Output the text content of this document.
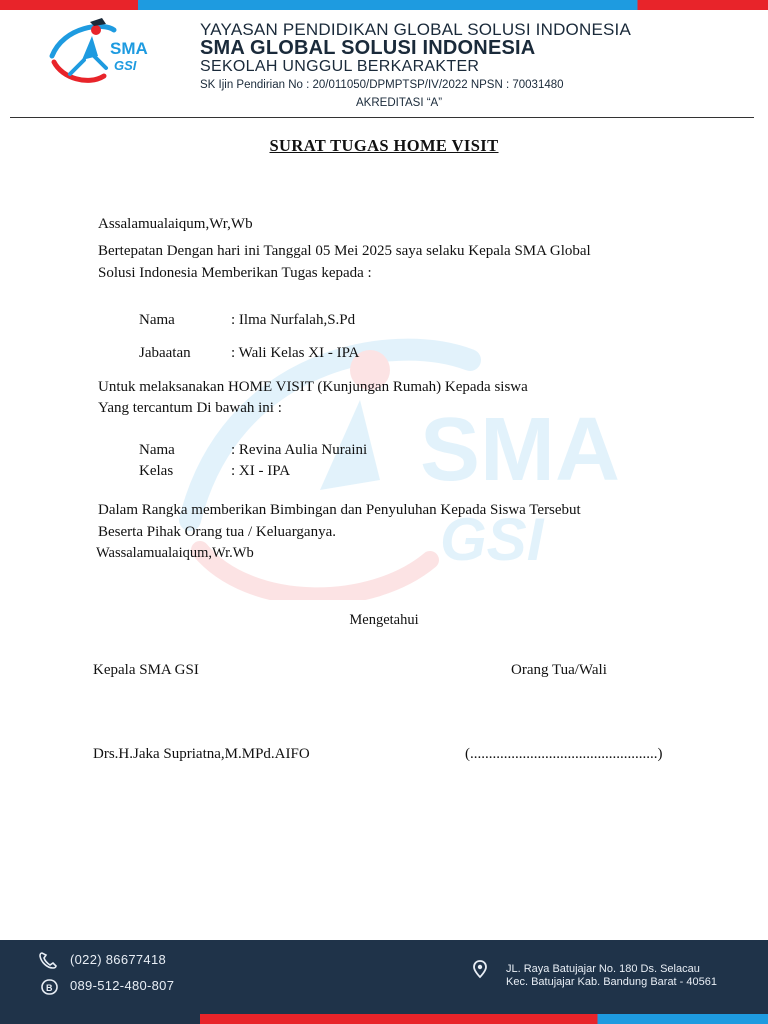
SMA
GSI
YAYASAN PENDIDIKAN GLOBAL SOLUSI INDONESIA
SMA GLOBAL SOLUSI INDONESIA
SEKOLAH UNGGUL BERKARAKTER
SK Ijin Pendirian No : 20/011050/DPMPTSP/IV/2022 NPSN : 70031480
AKREDITASI “A”
SMA
GSI
SURAT TUGAS HOME VISIT
Assalamualaiqum,Wr,Wb
Bertepatan Dengan hari ini Tanggal 05 Mei 2025 saya selaku Kepala SMA Global
Solusi Indonesia Memberikan Tugas kepada :
Nama	: Ilma Nurfalah,S.Pd
Jabaatan	: Wali Kelas XI - IPA
Untuk melaksanakan HOME VISIT (Kunjungan Rumah) Kepada siswa
Yang tercantum Di bawah ini :
Nama	: Revina Aulia Nuraini
Kelas	: XI - IPA
Dalam Rangka memberikan Bimbingan dan Penyuluhan Kepada Siswa Tersebut
Beserta Pihak Orang tua / Keluarganya.
Wassalamualaiqum,Wr.Wb
Mengetahui
Kepala SMA GSI	Orang Tua/Wali
Drs.H.Jaka Supriatna,M.MPd.AIFO	(..................................................)
(022) 86677418
B 089-512-480-807
JL. Raya Batujajar No. 180 Ds. Selacau
Kec. Batujajar Kab. Bandung Barat - 40561
